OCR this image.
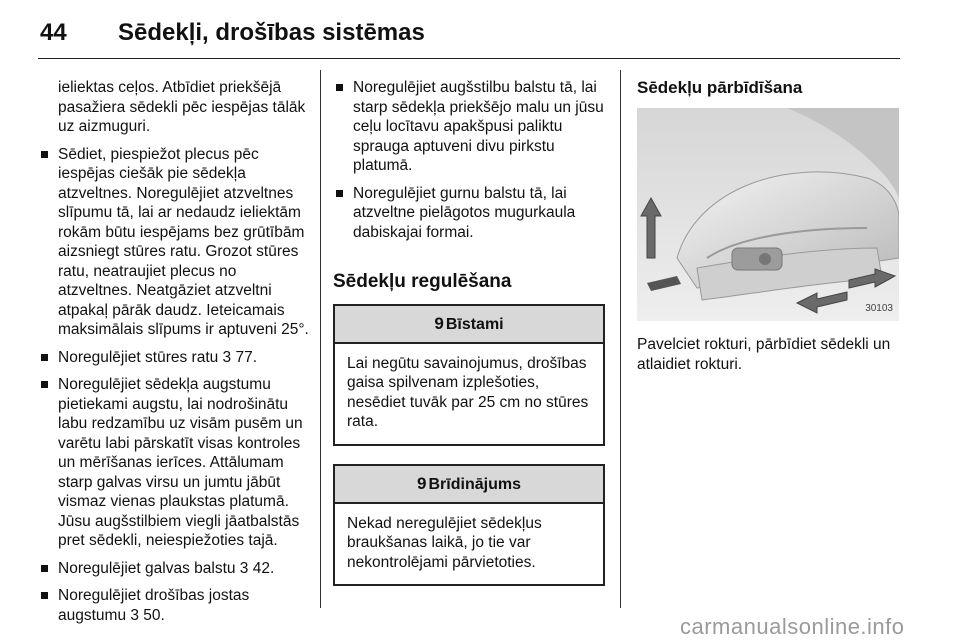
44 Sēdekļi, drošības sistēmas

ieliektas ceļos. Atbīdiet priekšējā pasažiera sēdekli pēc iespējas tālāk uz aizmuguri.

Sēdiet, piespiežot plecus pēc iespējas ciešāk pie sēdekļa atzveltnes. Noregulējiet atzveltnes slīpumu tā, lai ar nedaudz ieliektām rokām būtu iespējams bez grūtībām aizsniegt stūres ratu. Grozot stūres ratu, neatraujiet plecus no atzveltnes. Neatgāziet atzveltni atpakaļ pārāk daudz. Ieteicamais maksimālais slīpums ir aptuveni 25°.
Noregulējiet stūres ratu 3 77.
Noregulējiet sēdekļa augstumu pietiekami augstu, lai nodrošinātu labu redzamību uz visām pusēm un varētu labi pārskatīt visas kontroles un mērīšanas ierīces. Attālumam starp galvas virsu un jumtu jābūt vismaz vienas plaukstas platumā. Jūsu augšstilbiem viegli jāatbalstās pret sēdekli, neiespiežoties tajā.
Noregulējiet galvas balstu 3 42.
Noregulējiet drošības jostas augstumu 3 50.
Noregulējiet augšstilbu balstu tā, lai starp sēdekļa priekšējo malu un jūsu ceļu locītavu apakšpusi paliktu sprauga aptuveni divu pirkstu platumā.
Noregulējiet gurnu balstu tā, lai atzveltne pielāgotos mugurkaula dabiskajai formai.
Sēdekļu regulēšana
9 Bīstami
Lai negūtu savainojumus, drošības gaisa spilvenam izplešoties, nesēdiet tuvāk par 25 cm no stūres rata.
9 Brīdinājums
Nekad neregulējiet sēdekļus braukšanas laikā, jo tie var nekontrolējami pārvietoties.
Sēdekļu pārbīdīšana
30103

Pavelciet rokturi, pārbīdiet sēdekli un atlaidiet rokturi.

carmanualsonline.info
